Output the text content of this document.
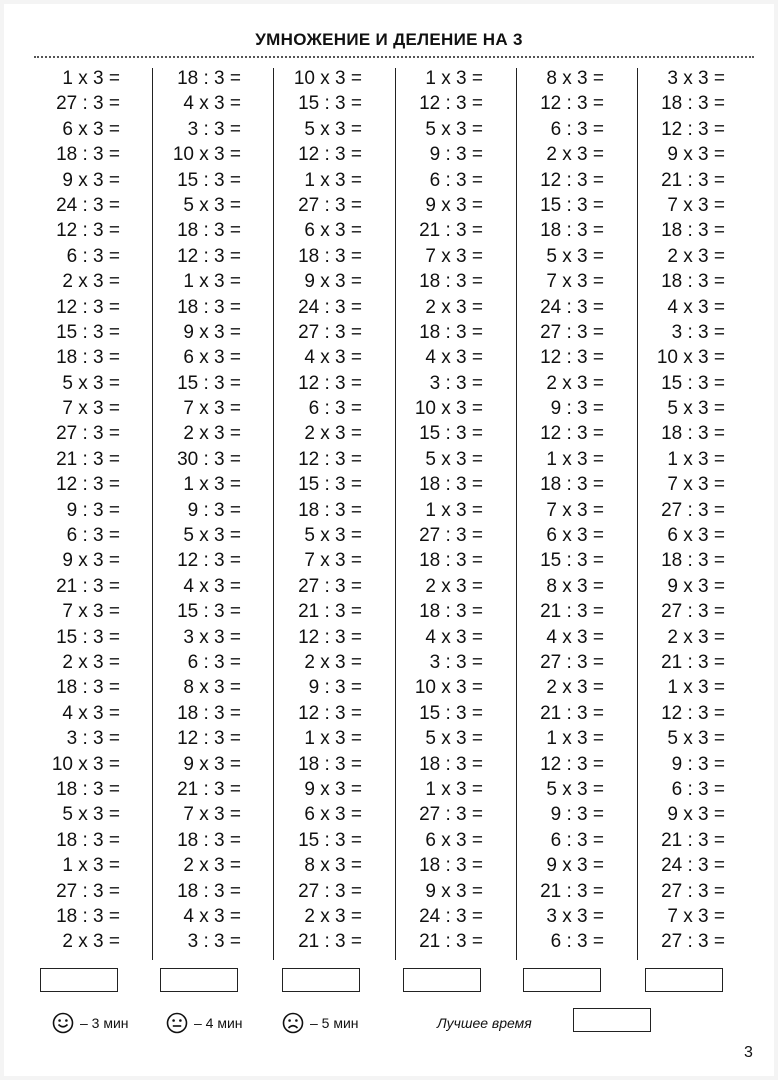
УМНОЖЕНИЕ И ДЕЛЕНИЕ НА 3
1 x 3 =
27 : 3 =
6 x 3 =
18 : 3 =
9 x 3 =
24 : 3 =
12 : 3 =
6 : 3 =
2 x 3 =
12 : 3 =
15 : 3 =
18 : 3 =
5 x 3 =
7 x 3 =
27 : 3 =
21 : 3 =
12 : 3 =
9 : 3 =
6 : 3 =
9 x 3 =
21 : 3 =
7 x 3 =
15 : 3 =
2 x 3 =
18 : 3 =
4 x 3 =
3 : 3 =
10 x 3 =
18 : 3 =
5 x 3 =
18 : 3 =
1 x 3 =
27 : 3 =
18 : 3 =
2 x 3 =
18 : 3 =
4 x 3 =
3 : 3 =
10 x 3 =
15 : 3 =
5 x 3 =
18 : 3 =
12 : 3 =
1 x 3 =
18 : 3 =
9 x 3 =
6 x 3 =
15 : 3 =
7 x 3 =
2 x 3 =
30 : 3 =
1 x 3 =
9 : 3 =
5 x 3 =
12 : 3 =
4 x 3 =
15 : 3 =
3 x 3 =
6 : 3 =
8 x 3 =
18 : 3 =
12 : 3 =
9 x 3 =
21 : 3 =
7 x 3 =
18 : 3 =
2 x 3 =
18 : 3 =
4 x 3 =
3 : 3 =
10 x 3 =
15 : 3 =
5 x 3 =
12 : 3 =
1 x 3 =
27 : 3 =
6 x 3 =
18 : 3 =
9 x 3 =
24 : 3 =
27 : 3 =
4 x 3 =
12 : 3 =
6 : 3 =
2 x 3 =
12 : 3 =
15 : 3 =
18 : 3 =
5 x 3 =
7 x 3 =
27 : 3 =
21 : 3 =
12 : 3 =
2 x 3 =
9 : 3 =
12 : 3 =
1 x 3 =
18 : 3 =
9 x 3 =
6 x 3 =
15 : 3 =
8 x 3 =
27 : 3 =
2 x 3 =
21 : 3 =
1 x 3 =
12 : 3 =
5 x 3 =
9 : 3 =
6 : 3 =
9 x 3 =
21 : 3 =
7 x 3 =
18 : 3 =
2 x 3 =
18 : 3 =
4 x 3 =
3 : 3 =
10 x 3 =
15 : 3 =
5 x 3 =
18 : 3 =
1 x 3 =
27 : 3 =
18 : 3 =
2 x 3 =
18 : 3 =
4 x 3 =
3 : 3 =
10 x 3 =
15 : 3 =
5 x 3 =
18 : 3 =
1 x 3 =
27 : 3 =
6 x 3 =
18 : 3 =
9 x 3 =
24 : 3 =
21 : 3 =
8 x 3 =
12 : 3 =
6 : 3 =
2 x 3 =
12 : 3 =
15 : 3 =
18 : 3 =
5 x 3 =
7 x 3 =
24 : 3 =
27 : 3 =
12 : 3 =
2 x 3 =
9 : 3 =
12 : 3 =
1 x 3 =
18 : 3 =
7 x 3 =
6 x 3 =
15 : 3 =
8 x 3 =
21 : 3 =
4 x 3 =
27 : 3 =
2 x 3 =
21 : 3 =
1 x 3 =
12 : 3 =
5 x 3 =
9 : 3 =
6 : 3 =
9 x 3 =
21 : 3 =
3 x 3 =
6 : 3 =
3 x 3 =
18 : 3 =
12 : 3 =
9 x 3 =
21 : 3 =
7 x 3 =
18 : 3 =
2 x 3 =
18 : 3 =
4 x 3 =
3 : 3 =
10 x 3 =
15 : 3 =
5 x 3 =
18 : 3 =
1 x 3 =
7 x 3 =
27 : 3 =
6 x 3 =
18 : 3 =
9 x 3 =
27 : 3 =
2 x 3 =
21 : 3 =
1 x 3 =
12 : 3 =
5 x 3 =
9 : 3 =
6 : 3 =
9 x 3 =
21 : 3 =
24 : 3 =
27 : 3 =
7 x 3 =
27 : 3 =
– 3 мин	– 4 мин	– 5 мин	Лучшее время
3
